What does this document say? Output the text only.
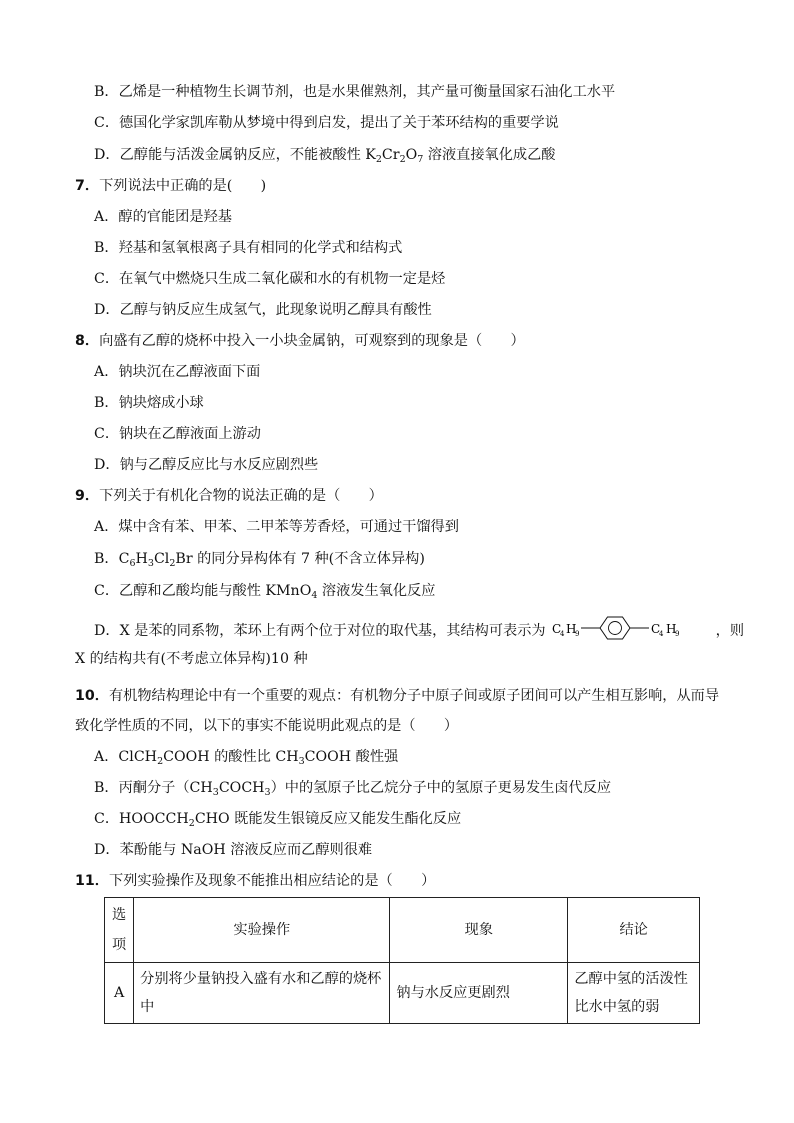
B．乙烯是一种植物生长调节剂，也是水果催熟剂，其产量可衡量国家石油化工水平
C．德国化学家凯库勒从梦境中得到启发，提出了关于苯环结构的重要学说
D．乙醇能与活泼金属钠反应，不能被酸性 $K_2Cr_2O_7$ 溶液直接氧化成乙酸
7．下列说法中正确的是(　　)
A．醇的官能团是羟基
B．羟基和氢氧根离子具有相同的化学式和结构式
C．在氧气中燃烧只生成二氧化碳和水的有机物一定是烃
D．乙醇与钠反应生成氢气，此现象说明乙醇具有酸性
8．向盛有乙醇的烧杯中投入一小块金属钠，可观察到的现象是（　　）
A．钠块沉在乙醇液面下面
B．钠块熔成小球
C．钠块在乙醇液面上游动
D．钠与乙醇反应比与水反应剧烈些
9．下列关于有机化合物的说法正确的是（　　）
A．煤中含有苯、甲苯、二甲苯等芳香烃，可通过干馏得到
B．$C_6H_3Cl_2Br$ 的同分异构体有 7 种(不含立体异构)
C．乙醇和乙酸均能与酸性 KMnO$_4$ 溶液发生氧化反应
D．X 是苯的同系物，苯环上有两个位于对位的取代基，其结构可表示为 C
4 H
9	C
4 H
9	，则
X 的结构共有(不考虑立体异构)10 种
10．有机物结构理论中有一个重要的观点：有机物分子中原子间或原子团间可以产生相互影响，从而导
致化学性质的不同，以下的事实不能说明此观点的是（　　）
A．ClCH$_2$COOH 的酸性比 $CH_3COOH$ 酸性强
B．丙酮分子$(CH_3COCH_3)$中的氢原子比乙烷分子中的氢原子更易发生卤代反应
C．$HOOCCH_2CHO$ 既能发生银镜反应又能发生酯化反应
D．苯酚能与 NaOH 溶液反应而乙醇则很难
11．下列实验操作及现象不能推出相应结论的是（　　）
选项	实验操作	现象	结论
A	分别将少量钠投入盛有水和乙醇的烧杯中	钠与水反应更剧烈	乙醇中氢的活泼性比水中氢的弱
